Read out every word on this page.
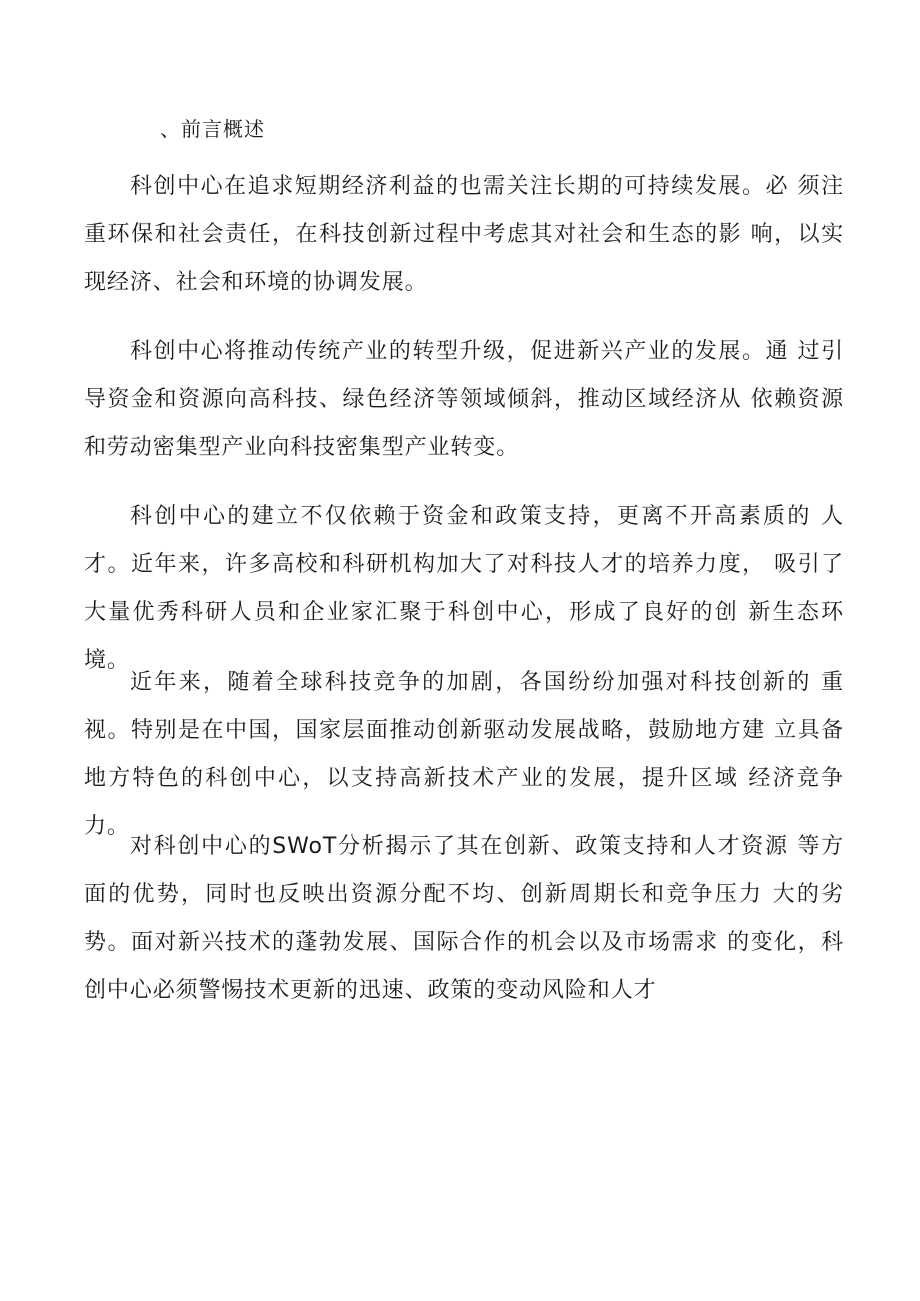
、前言概述

科创中心在追求短期经济利益的也需关注长期的可持续发展。必 须注重环保和社会责任，在科技创新过程中考虑其对社会和生态的影 响，以实现经济、社会和环境的协调发展。

科创中心将推动传统产业的转型升级，促进新兴产业的发展。通 过引导资金和资源向高科技、绿色经济等领域倾斜，推动区域经济从 依赖资源和劳动密集型产业向科技密集型产业转变。

科创中心的建立不仅依赖于资金和政策支持，更离不开高素质的 人才。近年来，许多高校和科研机构加大了对科技人才的培养力度， 吸引了大量优秀科研人员和企业家汇聚于科创中心，形成了良好的创 新生态环境。

近年来，随着全球科技竞争的加剧，各国纷纷加强对科技创新的 重视。特别是在中国，国家层面推动创新驱动发展战略，鼓励地方建 立具备地方特色的科创中心，以支持高新技术产业的发展，提升区域 经济竞争力。

对科创中心的SWoT分析揭示了其在创新、政策支持和人才资源 等方面的优势，同时也反映出资源分配不均、创新周期长和竞争压力 大的劣势。面对新兴技术的蓬勃发展、国际合作的机会以及市场需求 的变化，科创中心必须警惕技术更新的迅速、政策的变动风险和人才
